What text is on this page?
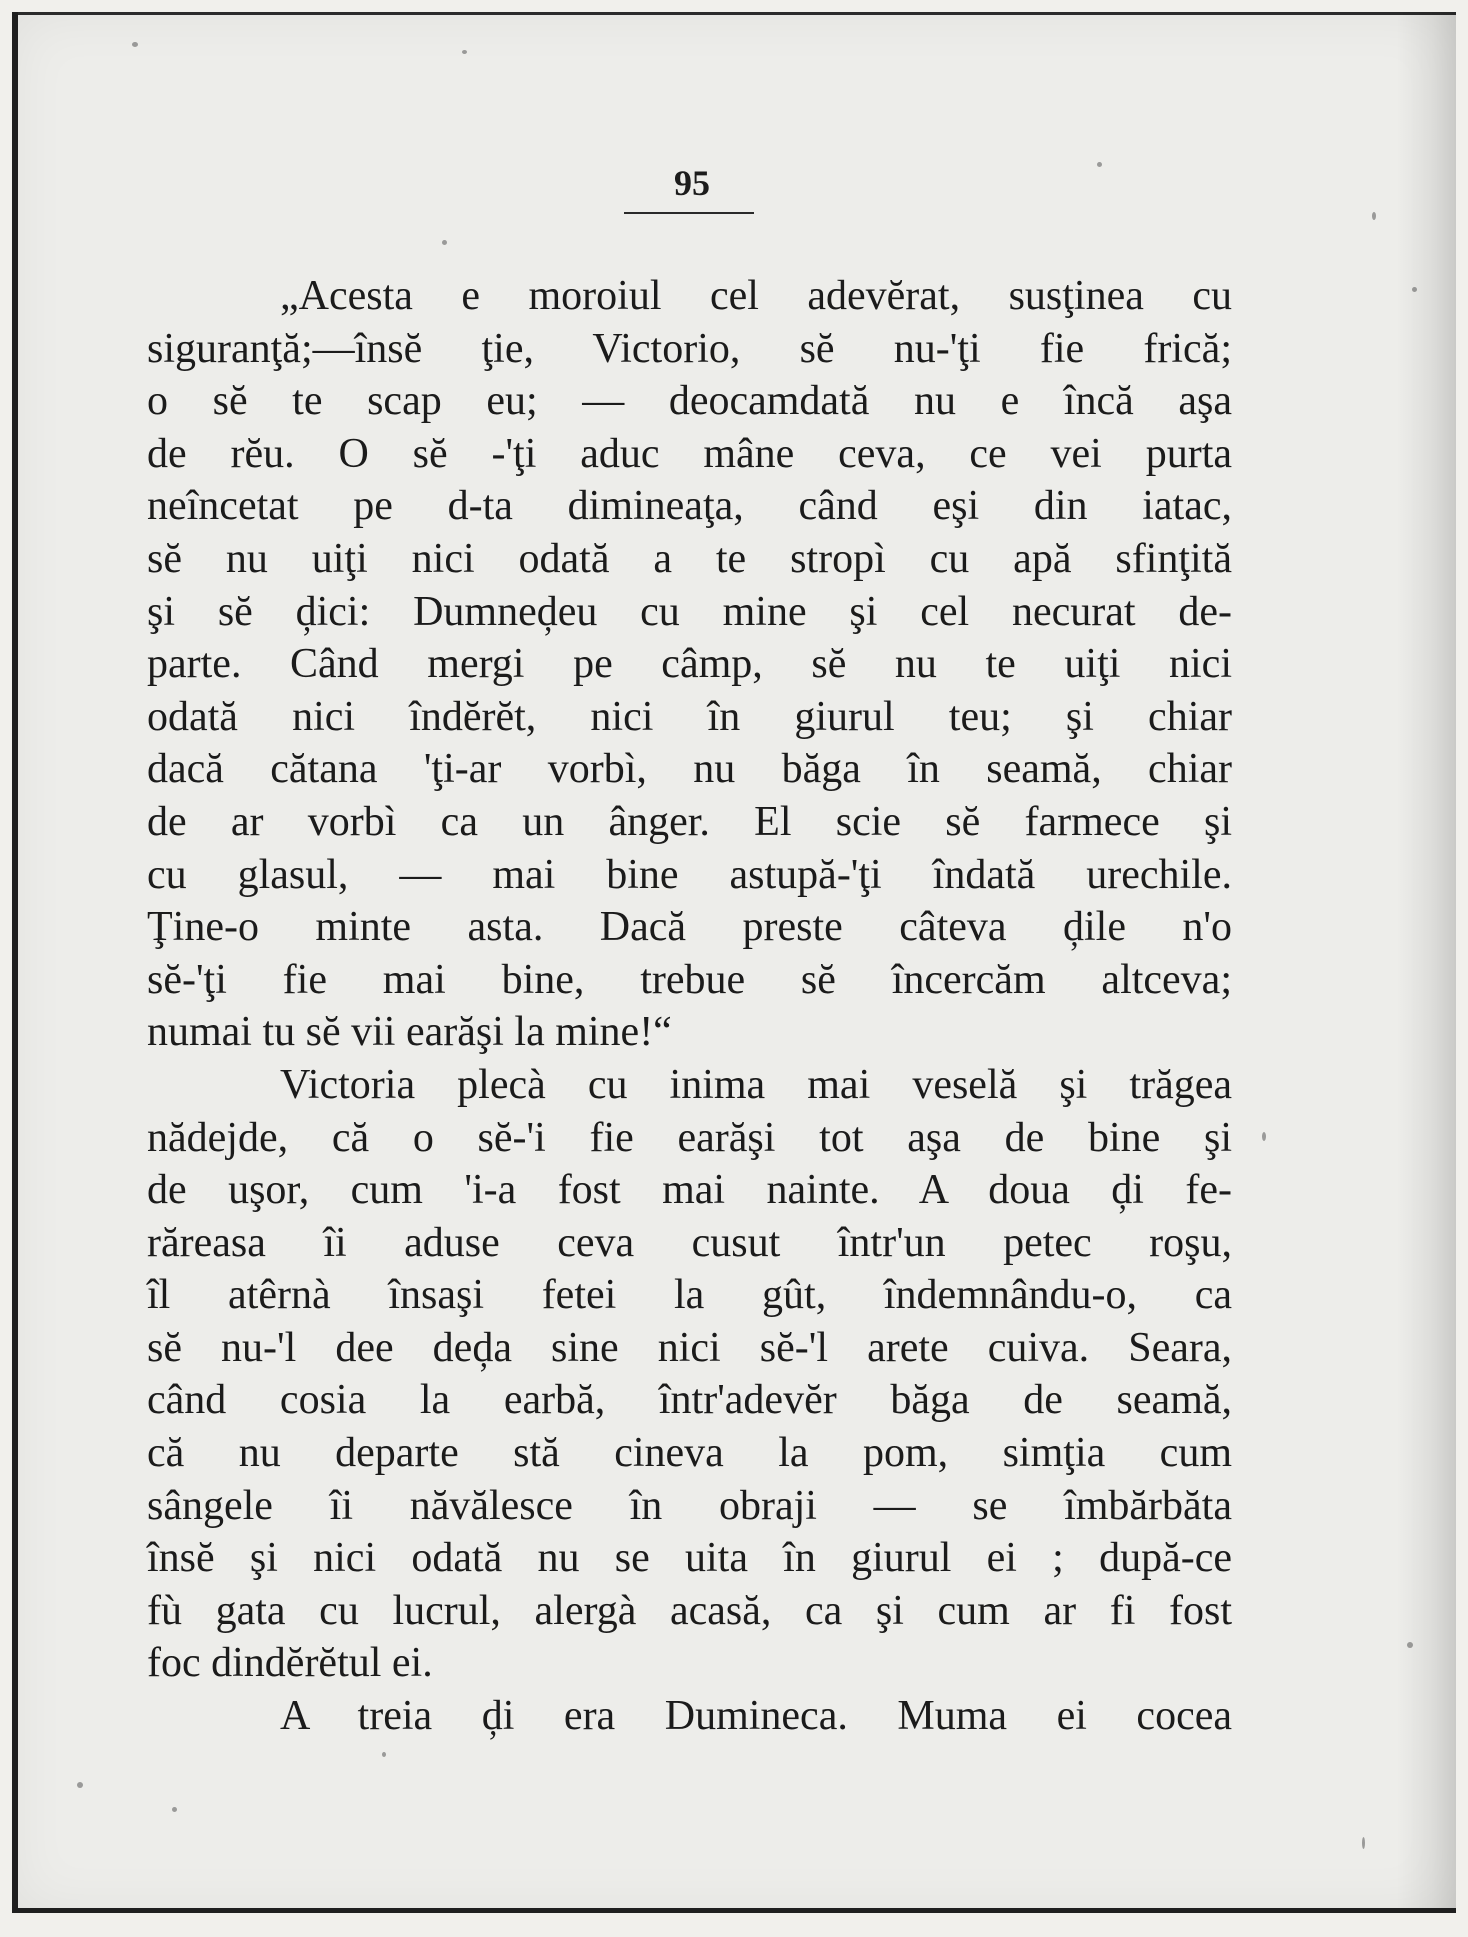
95
„Acesta e moroiul cel adevĕrat, susţinea cu
siguranţă;—însĕ ţie, Victorio, sĕ nu-'ţi fie frică;
o sĕ te scap eu; — deocamdată nu e încă aşa
de rĕu. O sĕ -'ţi aduc mâne ceva, ce vei purta
neîncetat pe d-ta dimineaţa, când eşi din iatac,
sĕ nu uiţi nici odată a te stropì cu apă sfinţită
şi sĕ ḑici: Dumneḑeu cu mine şi cel necurat de-
parte. Când mergi pe câmp, sĕ nu te uiţi nici
odată nici îndĕrĕt, nici în giurul teu; şi chiar
dacă cătana 'ţi-ar vorbì, nu băga în seamă, chiar
de ar vorbì ca un ânger. El scie sĕ farmece şi
cu glasul, — mai bine astupă-'ţi îndată urechile.
Ţine-o minte asta. Dacă preste câteva ḑile n'o
sĕ-'ţi fie mai bine, trebue sĕ încercăm altceva;
numai tu sĕ vii earăşi la mine!“
Victoria plecà cu inima mai veselă şi trăgea
nădejde, că o sĕ-'i fie earăşi tot aşa de bine şi
de uşor, cum 'i-a fost mai nainte. A doua ḑi fe-
răreasa îi aduse ceva cusut într'un petec roşu,
îl atêrnà însaşi fetei la gût, îndemnându-o, ca
sĕ nu-'l dee deḑa sine nici sĕ-'l arete cuiva. Seara,
când cosia la earbă, într'adevĕr băga de seamă,
că nu departe stă cineva la pom, simţia cum
sângele îi năvălesce în obraji — se îmbărbăta
însĕ şi nici odată nu se uita în giurul ei ; după-ce
fù gata cu lucrul, alergà acasă, ca şi cum ar fi fost
foc dindĕrĕtul ei.
A treia ḑi era Dumineca. Muma ei cocea
